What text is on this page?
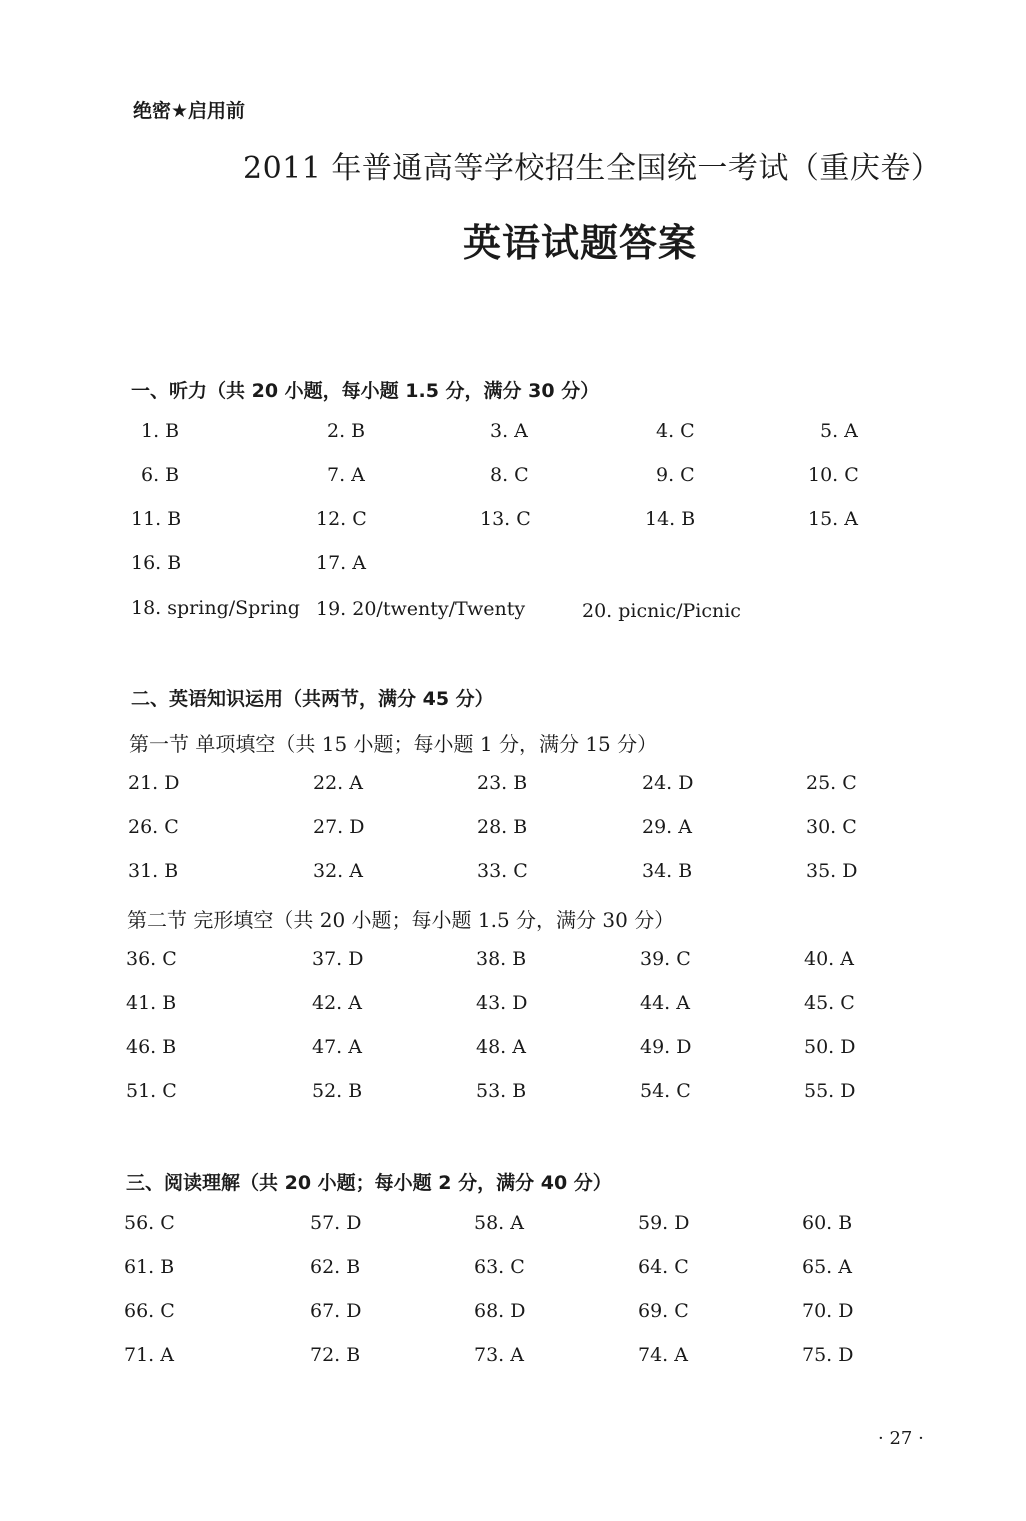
绝密★启用前
2011 年普通高等学校招生全国统一考试（重庆卷）
英语试题答案
一、听力（共 20 小题，每小题 1.5 分，满分 30 分）
1. B	2. B	3. A	4. C	5. A
6. B	7. A	8. C	9. C	10. C
11. B	12. C	13. C	14. B	15. A
16. B	17. A
18. spring/Spring 19. 20/twenty/Twenty	20. picnic/Picnic
二、英语知识运用（共两节，满分 45 分）
第一节 单项填空（共 15 小题；每小题 1 分，满分 15 分）
21. D	22. A	23. B	24. D	25. C
26. C	27. D	28. B	29. A	30. C
31. B	32. A	33. C	34. B	35. D
第二节 完形填空（共 20 小题；每小题 1.5 分，满分 30 分）
36. C	37. D	38. B	39. C	40. A
41. B	42. A	43. D	44. A	45. C
46. B	47. A	48. A	49. D	50. D
51. C	52. B	53. B	54. C	55. D
三、阅读理解（共 20 小题；每小题 2 分，满分 40 分）
56. C	57. D	58. A	59. D	60. B
61. B	62. B	63. C	64. C	65. A
66. C	67. D	68. D	69. C	70. D
71. A	72. B	73. A	74. A	75. D
· 27 ·
